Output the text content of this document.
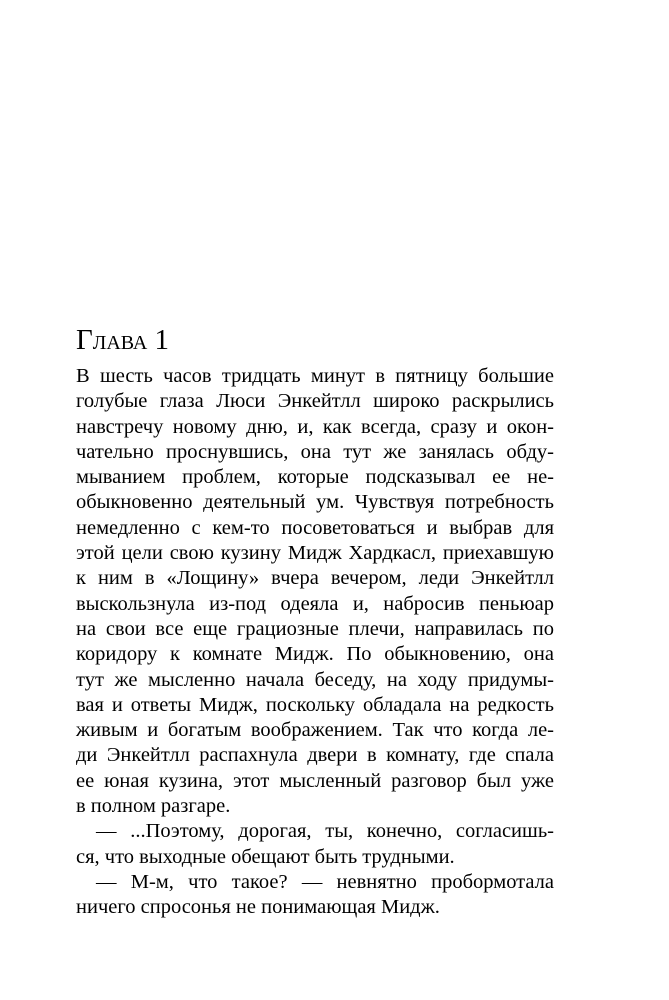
Глава 1
В шесть часов тридцать минут в пятницу большие
голубые глаза Люси Энкейтлл широко раскрылись
навстречу новому дню, и, как всегда, сразу и окон-
чательно проснувшись, она тут же занялась обду-
мыванием проблем, которые подсказывал ее не-
обыкновенно деятельный ум. Чувствуя потребность
немедленно с кем-то посоветоваться и выбрав для
этой цели свою кузину Мидж Хардкасл, приехавшую
к ним в «Лощину» вчера вечером, леди Энкейтлл
выскользнула из-под одеяла и, набросив пеньюар
на свои все еще грациозные плечи, направилась по
коридору к комнате Мидж. По обыкновению, она
тут же мысленно начала беседу, на ходу придумы-
вая и ответы Мидж, поскольку обладала на редкость
живым и богатым воображением. Так что когда ле-
ди Энкейтлл распахнула двери в комнату, где спала
ее юная кузина, этот мысленный разговор был уже
в полном разгаре.
— ...Поэтому, дорогая, ты, конечно, согласишь-
ся, что выходные обещают быть трудными.
— М-м, что такое? — невнятно пробормотала
ничего спросонья не понимающая Мидж.
